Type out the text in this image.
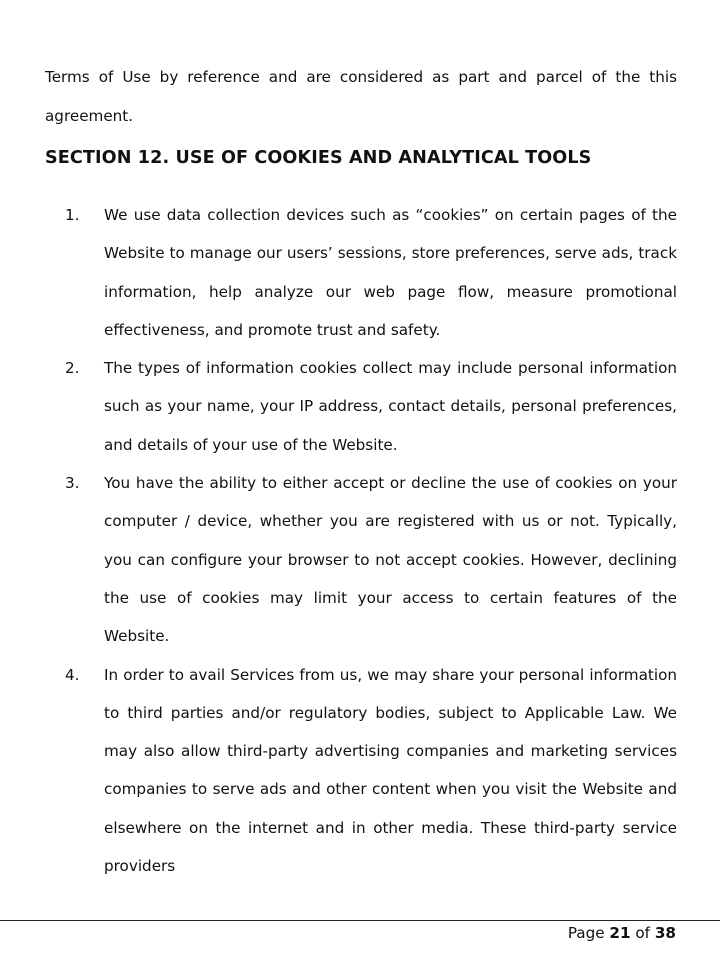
Terms of Use by reference and are considered as part and parcel of the this agreement.

SECTION 12. USE OF COOKIES AND ANALYTICAL TOOLS
1. We use data collection devices such as “cookies” on certain pages of the Website to manage our users’ sessions, store preferences, serve ads, track information, help analyze our web page flow, measure promotional effectiveness, and promote trust and safety.

2. The types of information cookies collect may include personal information such as your name, your IP address, contact details, personal preferences, and details of your use of the Website.

3. You have the ability to either accept or decline the use of cookies on your computer / device, whether you are registered with us or not. Typically, you can configure your browser to not accept cookies. However, declining the use of cookies may limit your access to certain features of the Website.

4. In order to avail Services from us, we may share your personal information to third parties and/or regulatory bodies, subject to Applicable Law. We may also allow third-party advertising companies and marketing services companies to serve ads and other content when you visit the Website and elsewhere on the internet and in other media. These third-party service providers

Page 21 of 38
